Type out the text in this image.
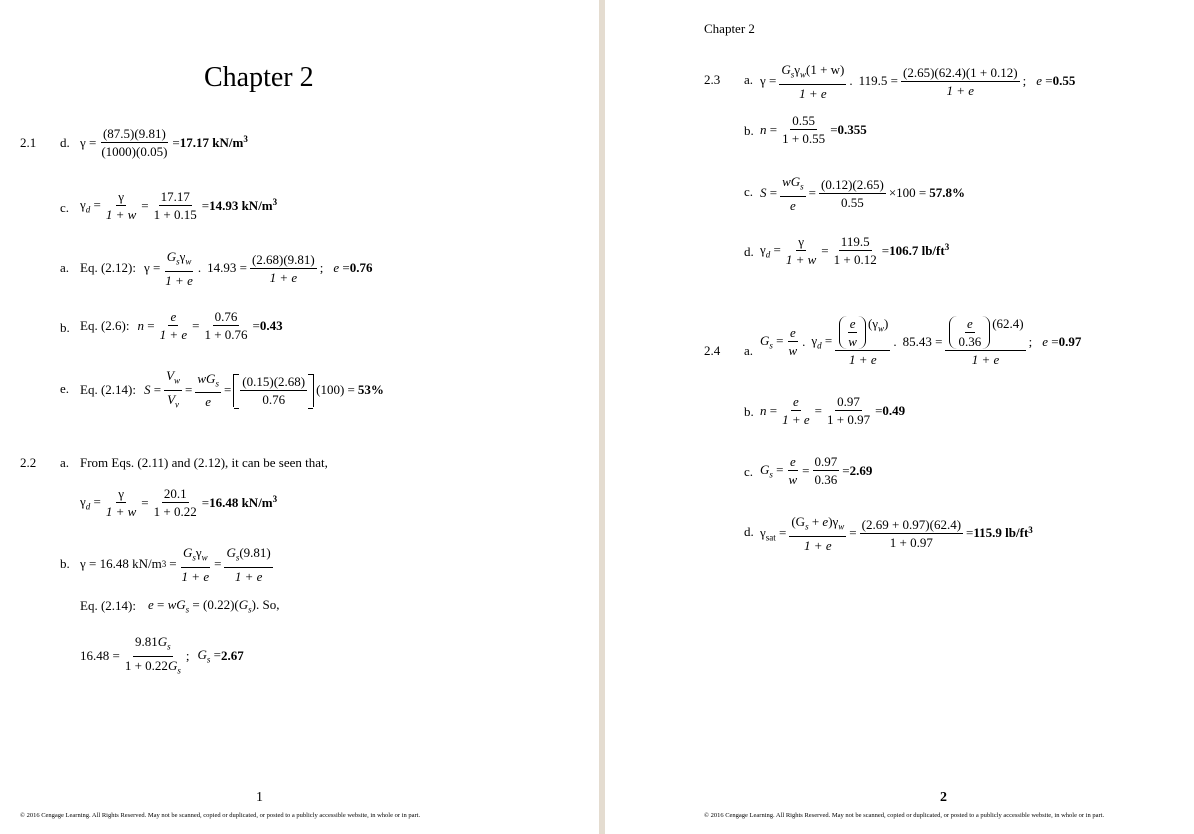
Chapter 2
2.1 d. $\gamma = \frac{(87.5)(9.81)}{(1000)(0.05)} = 17.17$ kN/m $^3$
c. $\gamma_d = \frac{\gamma}{1 + w} = \frac{17.17}{1 + 0.15} = 14.93$ kN/m $^3$
a. Eq. (2.12): $\gamma = \frac{G_s\gamma_w}{1 + e}$ . $14.93 = \frac{(2.68)(9.81)}{1 + e}$ ; e = 0.76
b. Eq. (2.6): $n = \frac{e}{1 + e} = \frac{0.76}{1 + 0.76} = 0.43$
e. Eq. (2.14): $S = \frac{V_w}{V_v} = \frac{wG_s}{e} = \frac{(0.15)(2.68)}{0.76} (100) = 53\%$
2.2 a. From Eqs. (2.11) and (2.12), it can be seen that,
$\gamma_d = \frac{\gamma}{1 + w} = \frac{20.1}{1 + 0.22} = 16.48$ kN/m $^3$
b. γ = 16.48 kN/m $3 = \frac{G_s\gamma_w}{1 + e} = \frac{G_s(9.81)}{1 + e}$
Eq. (2.14): $e = wG_s = (0.22)(G_s)$. So,
$16.48 = \frac{9.81G_s}{1 + 0.22G_s}$ ; $G_s = 2.67$
1
© 2016 Cengage Learning. All Rights Reserved. May not be scanned, copied or duplicated, or posted to a publicly accessible website, in whole or in part.
Chapter 2
2.3 a. $\gamma = \frac{G_s\gamma_w(1 + w)}{1 + e}$ . $119.5 = \frac{(2.65)(62.4)(1 + 0.12)}{1 + e}$ ; e = 0.55
b. $n = \frac{0.55}{1 + 0.55} = 0.355$
c. $S = \frac{wG_s}{e} = \frac{(0.12)(2.65)}{0.55} \times 100 = 57.8\%$
d. $\gamma_d = \frac{\gamma}{1 + w} = \frac{119.5}{1 + 0.12} = 106.7$ lb/ft $^3$
2.4 a.
$G_s = \frac{e}{w}$ . $\gamma_d = \frac{\frac{e}{w} (\gamma_w)}{1 + e}$ . $85.43 = \frac{\frac{e}{0.36} (62.4)}{1 + e}$ ; e = 0.97
b. $n = \frac{e}{1 + e} = \frac{0.97}{1 + 0.97} = 0.49$
c. $G_s = \frac{e}{w} = \frac{0.97}{0.36} = 2.69$
d. $\gamma_{sat} = \frac{(G_s + e)\gamma_w}{1 + e} = \frac{(2.69 + 0.97)(62.4)}{1 + 0.97} = 115.9$ lb/ft $^3$
2
© 2016 Cengage Learning. All Rights Reserved. May not be scanned, copied or duplicated, or posted to a publicly accessible website, in whole or in part.
